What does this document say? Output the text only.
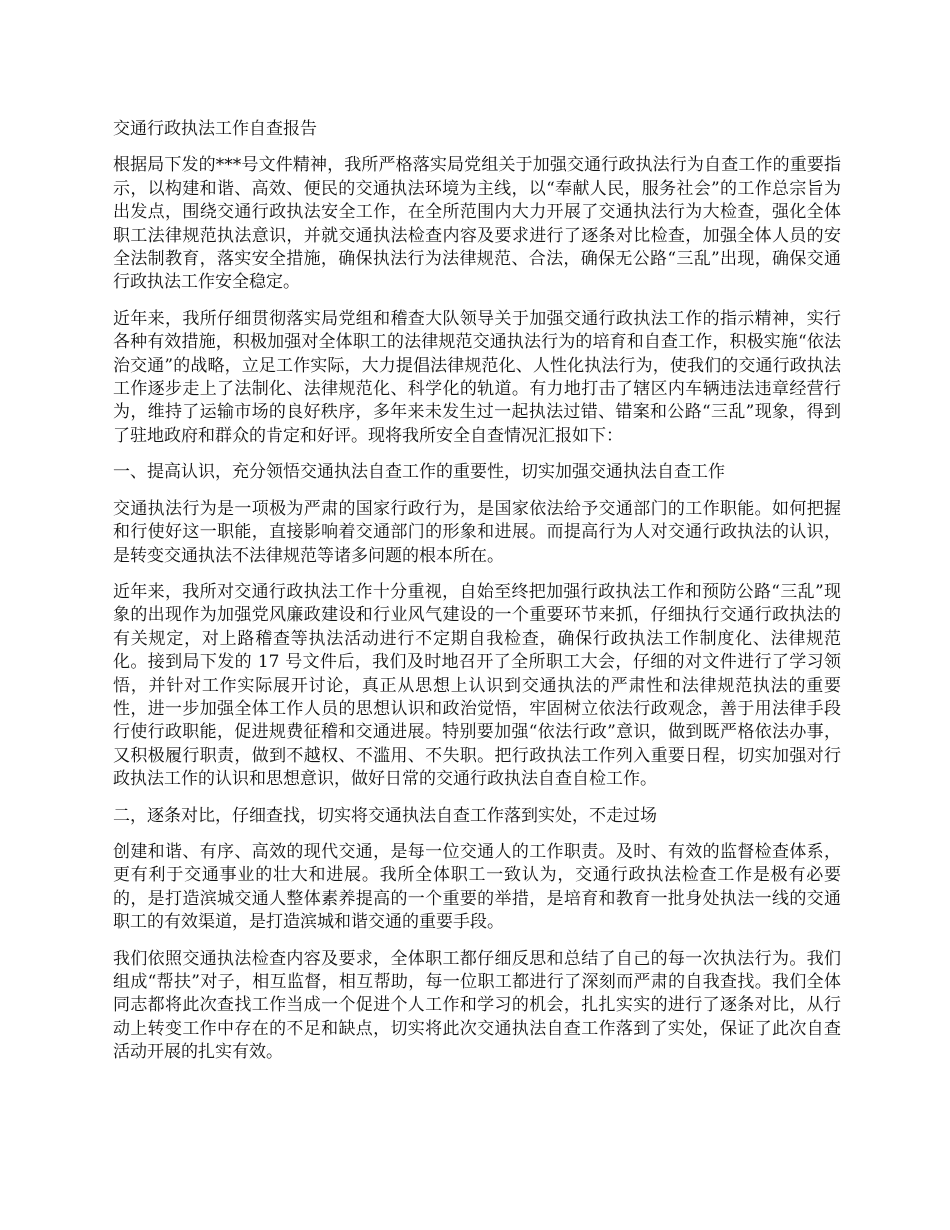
交通行政执法工作自查报告

根据局下发的***号文件精神，我所严格落实局党组关于加强交通行政执法行为自查工作的重要指示，以构建和谐、高效、便民的交通执法环境为主线，以“奉献人民，服务社会”的工作总宗旨为出发点，围绕交通行政执法安全工作，在全所范围内大力开展了交通执法行为大检查，强化全体职工法律规范执法意识，并就交通执法检查内容及要求进行了逐条对比检查，加强全体人员的安全法制教育，落实安全措施，确保执法行为法律规范、合法，确保无公路“三乱”出现，确保交通行政执法工作安全稳定。

近年来，我所仔细贯彻落实局党组和稽查大队领导关于加强交通行政执法工作的指示精神，实行各种有效措施，积极加强对全体职工的法律规范交通执法行为的培育和自查工作，积极实施“依法治交通”的战略，立足工作实际，大力提倡法律规范化、人性化执法行为，使我们的交通行政执法工作逐步走上了法制化、法律规范化、科学化的轨道。有力地打击了辖区内车辆违法违章经营行为，维持了运输市场的良好秩序，多年来未发生过一起执法过错、错案和公路“三乱”现象，得到了驻地政府和群众的肯定和好评。现将我所安全自查情况汇报如下：

一、提高认识，充分领悟交通执法自查工作的重要性，切实加强交通执法自查工作

交通执法行为是一项极为严肃的国家行政行为，是国家依法给予交通部门的工作职能。如何把握和行使好这一职能，直接影响着交通部门的形象和进展。而提高行为人对交通行政执法的认识，是转变交通执法不法律规范等诸多问题的根本所在。

近年来，我所对交通行政执法工作十分重视，自始至终把加强行政执法工作和预防公路“三乱”现象的出现作为加强党风廉政建设和行业风气建设的一个重要环节来抓，仔细执行交通行政执法的有关规定，对上路稽查等执法活动进行不定期自我检查，确保行政执法工作制度化、法律规范化。接到局下发的 17 号文件后，我们及时地召开了全所职工大会，仔细的对文件进行了学习领悟，并针对工作实际展开讨论，真正从思想上认识到交通执法的严肃性和法律规范执法的重要性，进一步加强全体工作人员的思想认识和政治觉悟，牢固树立依法行政观念，善于用法律手段行使行政职能，促进规费征稽和交通进展。特别要加强“依法行政”意识，做到既严格依法办事，又积极履行职责，做到不越权、不滥用、不失职。把行政执法工作列入重要日程，切实加强对行政执法工作的认识和思想意识，做好日常的交通行政执法自查自检工作。

二，逐条对比，仔细查找，切实将交通执法自查工作落到实处，不走过场

创建和谐、有序、高效的现代交通，是每一位交通人的工作职责。及时、有效的监督检查体系，更有利于交通事业的壮大和进展。我所全体职工一致认为，交通行政执法检查工作是极有必要的，是打造滨城交通人整体素养提高的一个重要的举措，是培育和教育一批身处执法一线的交通职工的有效渠道，是打造滨城和谐交通的重要手段。

我们依照交通执法检查内容及要求，全体职工都仔细反思和总结了自己的每一次执法行为。我们组成“帮扶”对子，相互监督，相互帮助，每一位职工都进行了深刻而严肃的自我查找。我们全体同志都将此次查找工作当成一个促进个人工作和学习的机会，扎扎实实的进行了逐条对比，从行动上转变工作中存在的不足和缺点，切实将此次交通执法自查工作落到了实处，保证了此次自查活动开展的扎实有效。
